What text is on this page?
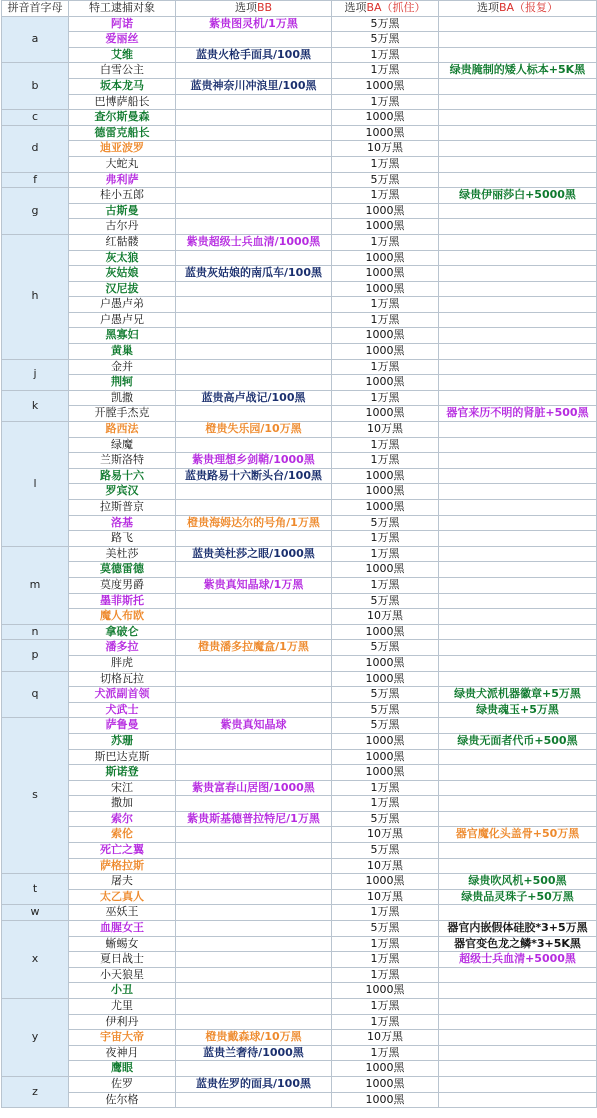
拼音首字母	特工逮捕对象	选项BB	选项BA（抓住）	选项BA（报复）
a	阿诺	紫贵图灵机/1万黑	5万黑	
	爱丽丝		5万黑	
	艾维	蓝贵火枪手面具/100黑	1万黑	
b	白雪公主		1万黑	绿贵腌制的矮人标本+5K黑
	坂本龙马	蓝贵神奈川冲浪里/100黑	1000黑	
	巴博萨船长		1万黑	
c	查尔斯曼森		1000黑	
d	德雷克船长		1000黑	
	迪亚波罗		10万黑	
	大蛇丸		1万黑	
f	弗利萨		5万黑	
g	桂小五郎		1万黑	绿贵伊丽莎白+5000黑
	古斯曼		1000黑	
	古尔丹		1000黑	
h	红骷髅	紫贵超级士兵血清/1000黑	1万黑	
	灰太狼		1000黑	
	灰姑娘	蓝贵灰姑娘的南瓜车/100黑	1000黑	
	汉尼拔		1000黑	
	户愚卢弟		1万黑	
	户愚卢兄		1万黑	
	黑寡妇		1000黑	
	黄巢		1000黑	
j	金并		1万黑	
	荆轲		1000黑	
k	凯撒	蓝贵高卢战记/100黑	1万黑	
	开膛手杰克		1000黑	器官来历不明的肾脏+500黑
l	路西法	橙贵失乐园/10万黑	10万黑	
	绿魔		1万黑	
	兰斯洛特	紫贵理想乡剑鞘/1000黑	1万黑	
	路易十六	蓝贵路易十六断头台/100黑	1000黑	
	罗宾汉		1000黑	
	拉斯普京		1000黑	
	洛基	橙贵海姆达尔的号角/1万黑	5万黑	
	路飞		1万黑	
m	美杜莎	蓝贵美杜莎之眼/1000黑	1万黑	
	莫德雷德		1000黑	
	莫度男爵	紫贵真知晶球/1万黑	1万黑	
	墨菲斯托		5万黑	
	魔人布欧		10万黑	
n	拿破仑		1000黑	
p	潘多拉	橙贵潘多拉魔盒/1万黑	5万黑	
	胖虎		1000黑	
q	切格瓦拉		1000黑	
	犬派副首领		5万黑	绿贵犬派机器徽章+5万黑
	犬武士		5万黑	绿贵魂玉+5万黑
s	萨鲁曼	紫贵真知晶球	5万黑	
	苏珊		1000黑	绿贵无面者代币+500黑
	斯巴达克斯		1000黑	
	斯诺登		1000黑	
	宋江	紫贵富春山居图/1000黑	1万黑	
	撒加		1万黑	
	索尔	紫贵斯基德普拉特尼/1万黑	5万黑	
	索伦		10万黑	器官魔化头盖骨+50万黑
	死亡之翼		5万黑	
	萨格拉斯		10万黑	
t	屠夫		1000黑	绿贵吹风机+500黑
	太乙真人		10万黑	绿贵品灵珠子+50万黑
w	巫妖王		1万黑	
x	血腥女王		5万黑	器官内嵌假体硅胶*3+5万黑
	蜥蜴女		1万黑	器官变色龙之鳞*3+5K黑
	夏日战士		1万黑	超级士兵血清+5000黑
	小天狼星		1万黑	
	小丑		1000黑	
y	尤里		1万黑	
	伊利丹		1万黑	
	宇宙大帝	橙贵戴森球/10万黑	10万黑	
	夜神月	蓝贵兰奢待/1000黑	1万黑	
	鹰眼		1000黑	
z	佐罗	蓝贵佐罗的面具/100黑	1000黑	
	佐尔格		1000黑	
